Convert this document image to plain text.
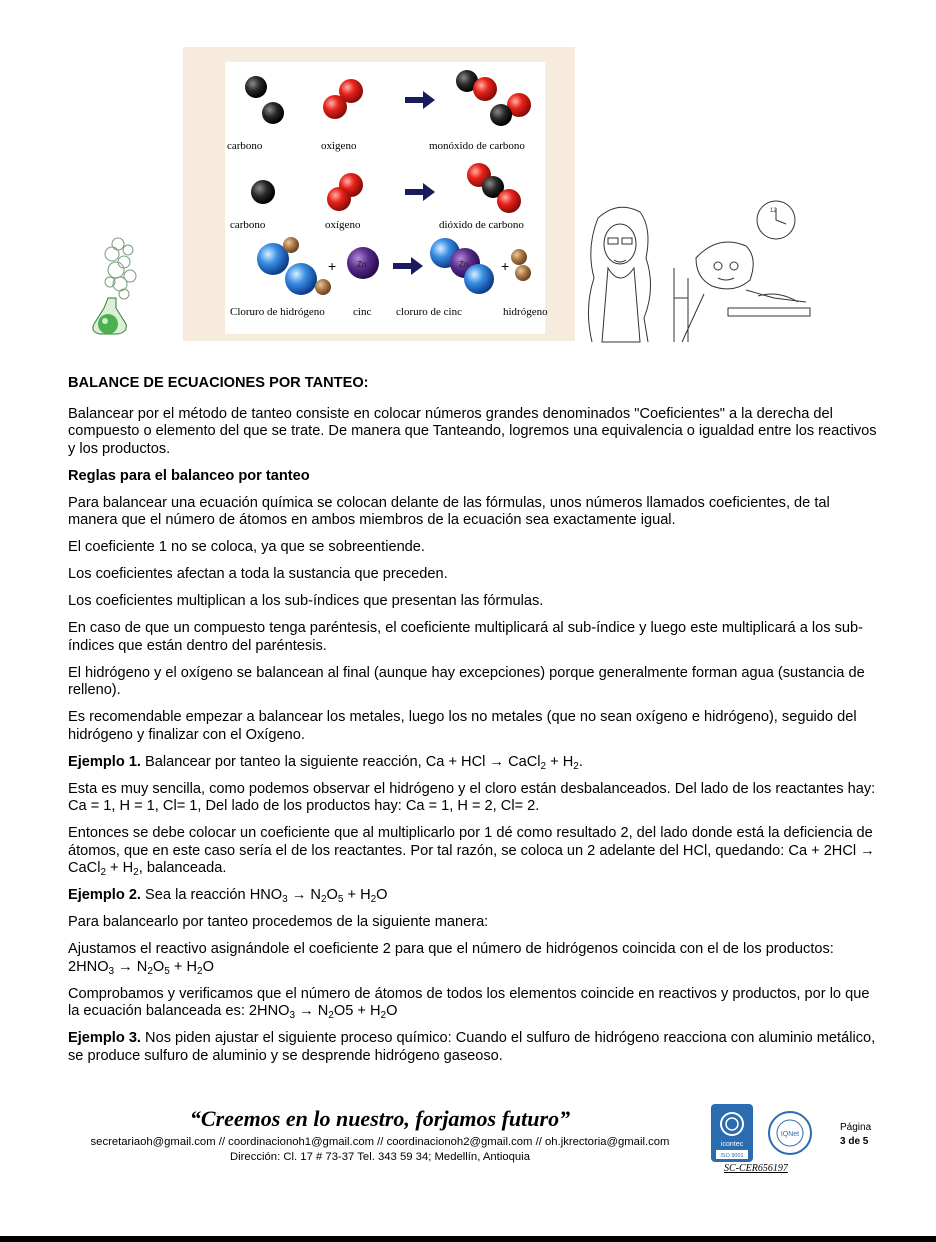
+	Zn	Zn +
carbono	oxigeno	monóxido de carbono
carbono	oxígeno	dióxido de carbono
Cloruro de hidrógeno	cinc cloruro de cinc	hidrógeno
12
BALANCE DE ECUACIONES POR TANTEO:

Balancear por el método de tanteo consiste en colocar números grandes denominados "Coeficientes" a la derecha del compuesto o elemento del que se trate. De manera que Tanteando, logremos una equivalencia o igualdad entre los reactivos y los productos.

Reglas para el balanceo por tanteo

Para balancear una ecuación química se colocan delante de las fórmulas, unos números llamados coeficientes, de tal manera que el número de átomos en ambos miembros de la ecuación sea exactamente igual.

El coeficiente 1 no se coloca, ya que se sobreentiende.

Los coeficientes afectan a toda la sustancia que preceden.

Los coeficientes multiplican a los sub-índices que presentan las fórmulas.

En caso de que un compuesto tenga paréntesis, el coeficiente multiplicará al sub-índice y luego este multiplicará a los sub-índices que están dentro del paréntesis.

El hidrógeno y el oxígeno se balancean al final (aunque hay excepciones) porque generalmente forman agua (sustancia de relleno).

Es recomendable empezar a balancear los metales, luego los no metales (que no sean oxígeno e hidrógeno), seguido del hidrógeno y finalizar con el Oxígeno.

Ejemplo 1. Balancear por tanteo la siguiente reacción, Ca + HCl → CaCl$_2$ + $H_2$.

Esta es muy sencilla, como podemos observar el hidrógeno y el cloro están desbalanceados. Del lado de los reactantes hay: Ca = 1, H = 1, Cl= 1, Del lado de los productos hay: Ca = 1, H = 2, Cl= 2.

Entonces se debe colocar un coeficiente que al multiplicarlo por 1 dé como resultado 2, del lado donde está la deficiencia de átomos, que en este caso sería el de los reactantes. Por tal razón, se coloca un 2 adelante del HCl, quedando: Ca + 2HCl → CaCl$_2$ + $H_2$, balanceada.

Ejemplo 2. Sea la reacción $HNO_3 \to N_2O_5 + H_2O$

Para balancearlo por tanteo procedemos de la siguiente manera:

Ajustamos el reactivo asignándole el coeficiente 2 para que el número de hidrógenos coincida con el de los productos: $2HNO_3 \to N_2O_5 + H_2O$

Comprobamos y verificamos que el número de átomos de todos los elementos coincide en reactivos y productos, por lo que la ecuación balanceada es: $2HNO_3 \to N_2O5 + H_2O$

Ejemplo 3. Nos piden ajustar el siguiente proceso químico: Cuando el sulfuro de hidrógeno reacciona con aluminio metálico, se produce sulfuro de aluminio y se desprende hidrógeno gaseoso.

“Creemos en lo nuestro, forjamos futuro”
secretariaoh@gmail.com // coordinacionoh1@gmail.com // coordinacionoh2@gmail.com // oh.jkrectoria@gmail.com
Dirección: Cl. 17 # 73-37 Tel. 343 59 34; Medellín, Antioquia
icontec
ISO 9001
IQNet
SC-CER656197
Página
3 de 5
